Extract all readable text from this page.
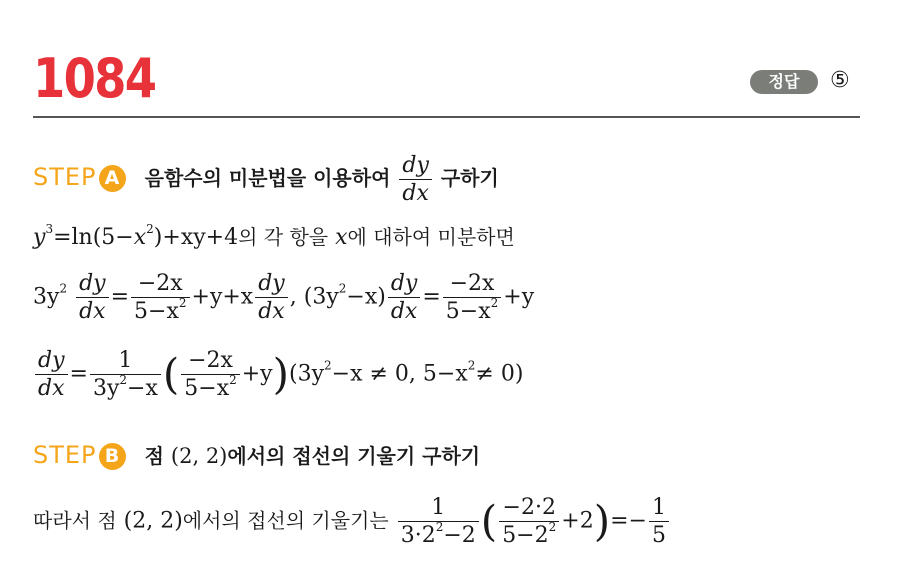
1084	정답	⑤
STEP A 음함수의 미분법을 이용하여 $\frac{dy}{dx}$ 구하기
$y^3=\ln(5-x^2)+xy+4$의 각 항을 x에 대하여 미분하면
$3y^2 \frac{dy}{dx} = \frac{-2x}{5-x^2} +y+x \frac{dy}{dx}$ , $(3y^2-x) \frac{dy}{dx} = \frac{-2x}{5-x^2} +y$
$\frac{dy}{dx} = \frac{1}{3y^2-x}$ ( $\frac{-2x}{5-x^2} +y)(3y^2-x \ne 0$, $5-x^2\ne 0$)
STEP B 점 (2, 2)에서의 접선의 기울기 구하기
따라서 점 (2, 2)에서의 접선의 기울기는 $\frac{1}{3\cdot 2^2-2}$ ( $\frac{-2\cdot 2}{5-2^2} +2)=- \frac{1}{5}$
